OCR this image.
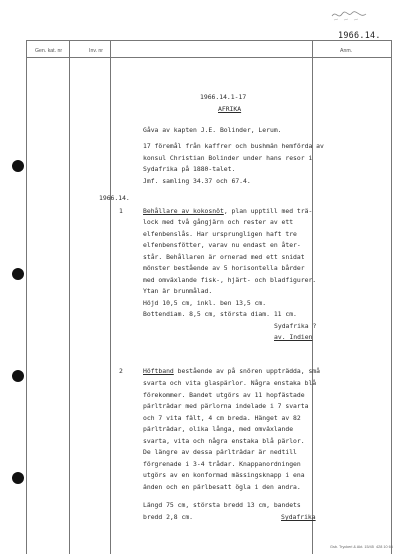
1966.14.
Gen. kat. nr	Inv. nr	Anm.
1966.14.1-17
AFRIKA
Gåva av kapten J.E. Bolinder, Lerum.
17 föremål från kaffrer och bushmän hemförda av
konsul Christian Bolinder under hans resor i
Sydafrika på 1880-talet.
Jmf. samling 34.37 och 67.4.
1966.14.
1	Behållare av kokosnöt, plan upptill med trä-
lock med två gångjärn och rester av ett
elfenbenslås. Har ursprungligen haft tre
elfenbensfötter, varav nu endast en åter-
står. Behållaren är ornerad med ett snidat
mönster bestående av 5 horisontella bårder
med omväxlande fisk-, hjärt- och bladfigurer.
Ytan är brunmålad.
Höjd 10,5 cm, inkl. ben 13,5 cm.
Bottendiam. 8,5 cm, största diam. 11 cm.
Sydafrika ?
av. Indien
2	Höftband bestående av på snören uppträdda, små
svarta och vita glaspärlor. Några enstaka blå
förekommer. Bandet utgörs av 11 hopfästade
pärlträdar med pärlorna indelade i 7 svarta
och 7 vita fält, 4 cm breda. Hänget av 82
pärlträdar, olika långa, med omväxlande
svarta, vita och några enstaka blå pärlor.
De längre av dessa pärlträdar är nedtill
förgrenade i 3-4 trådar. Knappanordningen
utgörs av en konformad mässingsknapp i ena
änden och en pärlbesatt ögla i den andra.
Längd 75 cm, största bredd 13 cm, bandets
bredd 2,8 cm.	Sydafrika
Gsb. Tryckeri & Akt. 15/45  428 10 66
